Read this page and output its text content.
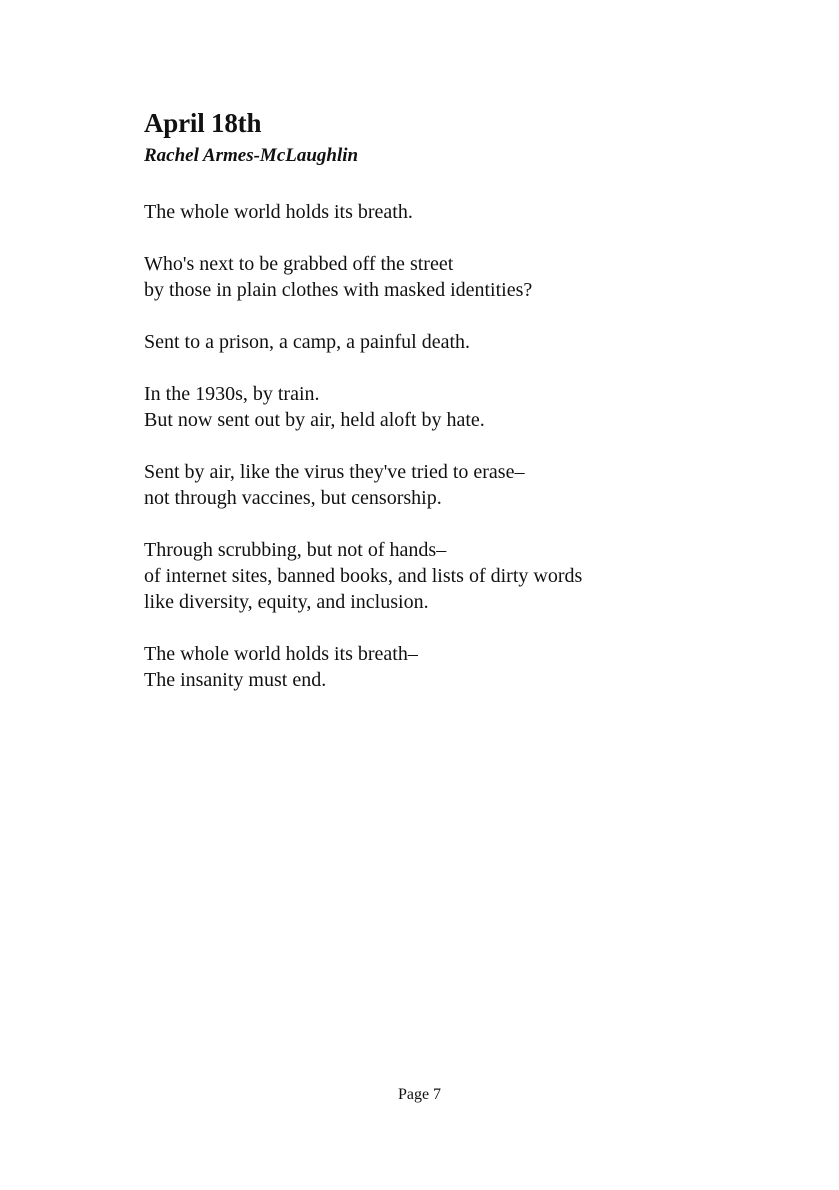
April 18th
Rachel Armes-McLaughlin
The whole world holds its breath.
Who's next to be grabbed off the street
by those in plain clothes with masked identities?
Sent to a prison, a camp, a painful death.
In the 1930s, by train.
But now sent out by air, held aloft by hate.
Sent by air, like the virus they've tried to erase–
not through vaccines, but censorship.
Through scrubbing, but not of hands–
of internet sites, banned books, and lists of dirty words
like diversity, equity, and inclusion.
The whole world holds its breath–
The insanity must end.
Page 7
